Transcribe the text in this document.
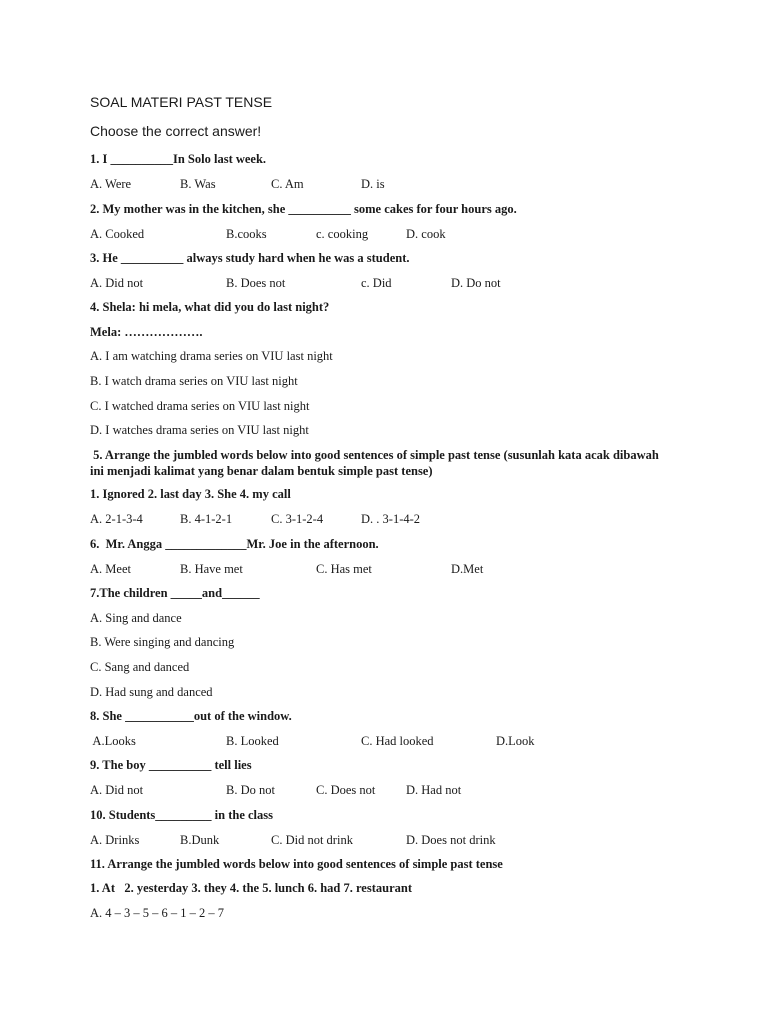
SOAL MATERI PAST TENSE
Choose the correct answer!
1. I __________In Solo last week.
A. Were	B. Was	C. Am	D. is
2. My mother was in the kitchen, she __________ some cakes for four hours ago.
A. Cooked	B.cooks	c. cooking	D. cook
3. He __________ always study hard when he was a student.
A. Did not	B. Does not	c. Did	D. Do not
4. Shela: hi mela, what did you do last night?
Mela: ……………….
A. I am watching drama series on VIU last night
B. I watch drama series on VIU last night
C. I watched drama series on VIU last night
D. I watches drama series on VIU last night
5. Arrange the jumbled words below into good sentences of simple past tense (susunlah kata acak dibawah
ini menjadi kalimat yang benar dalam bentuk simple past tense)
1. Ignored 2. last day 3. She 4. my call
A. 2-1-3-4	B. 4-1-2-1	C. 3-1-2-4	D. . 3-1-4-2
6.  Mr. Angga _____________Mr. Joe in the afternoon.
A. Meet	B. Have met	C. Has met	D.Met
7.The children _____and______
A. Sing and dance
B. Were singing and dancing
C. Sang and danced
D. Had sung and danced
8. She ___________out of the window.
A.Looks	B. Looked	C. Had looked	D.Look
9. The boy __________ tell lies
A. Did not	B. Do not	C. Does not D. Had not
10. Students_________ in the class
A. Drinks	B.Dunk	C. Did not drink	D. Does not drink
11. Arrange the jumbled words below into good sentences of simple past tense
1. At   2. yesterday 3. they 4. the 5. lunch 6. had 7. restaurant
A. 4 – 3 – 5 – 6 – 1 – 2 – 7
